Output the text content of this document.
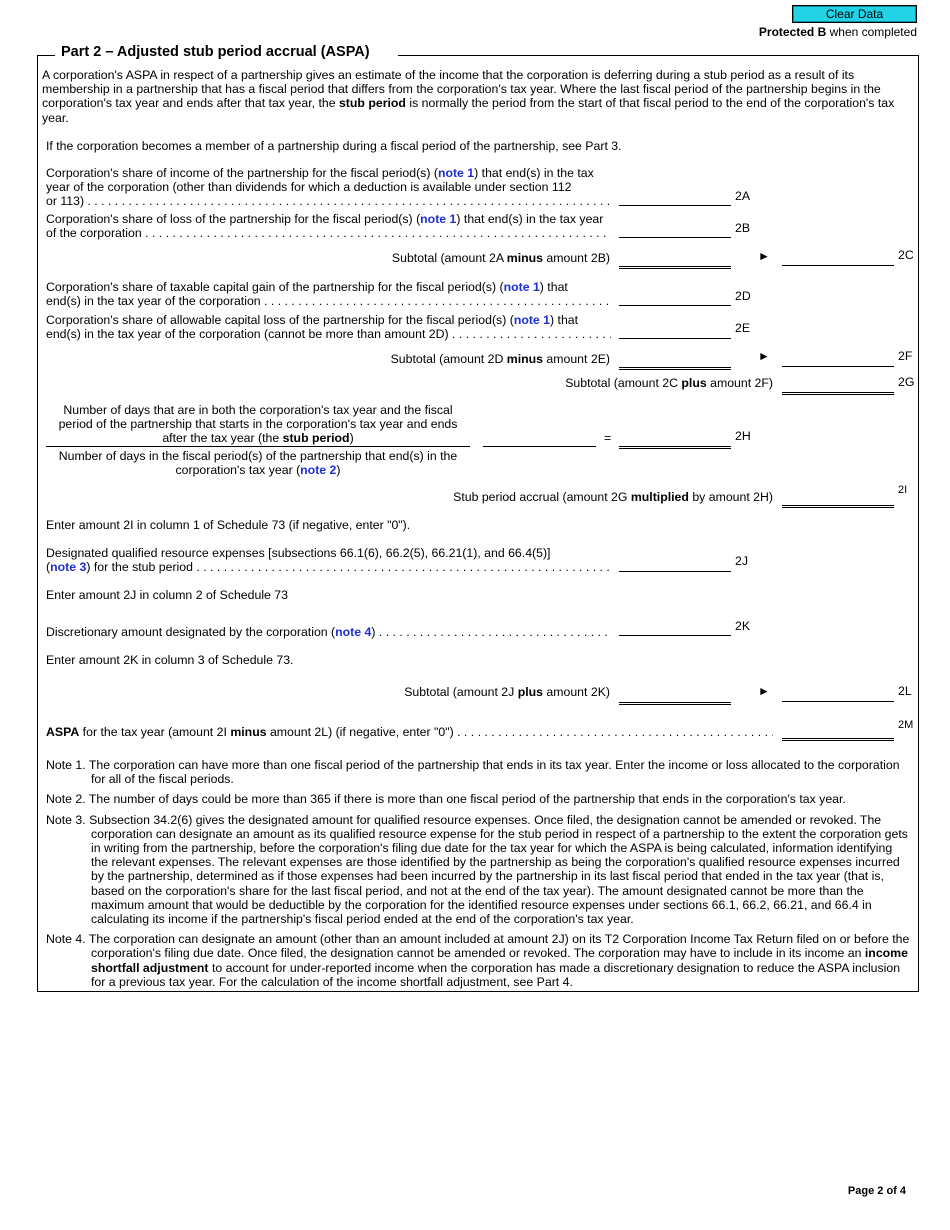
Clear Data
Protected B when completed
Part 2 – Adjusted stub period accrual (ASPA)

A corporation's ASPA in respect of a partnership gives an estimate of the income that the corporation is deferring during a stub period as a result of its membership in a partnership that has a fiscal period that differs from the corporation's tax year. Where the last fiscal period of the partnership begins in the corporation's tax year and ends after that tax year, the stub period is normally the period from the start of that fiscal period to the end of the corporation's tax year.

If the corporation becomes a member of a partnership during a fiscal period of the partnership, see Part 3.

Corporation's share of income of the partnership for the fiscal period(s) (note 1) that end(s) in the tax year of the corporation (other than dividends for which a deduction is available under section 112
or 113) . . .	2A
Corporation's share of loss of the partnership for the fiscal period(s) (note 1) that end(s) in the tax year
of the corporation . . .	2B
Subtotal (amount 2A minus amount 2B)	►	2C
Corporation's share of taxable capital gain of the partnership for the fiscal period(s) (note 1) that
end(s) in the tax year of the corporation . . .	2D
Corporation's share of allowable capital loss of the partnership for the fiscal period(s) (note 1) that
end(s) in the tax year of the corporation (cannot be more than amount 2D) . . .	2E
Subtotal (amount 2D minus amount 2E)	►	2F
Subtotal (amount 2C plus amount 2F)	2G
Number of days that are in both the corporation's tax year and the fiscal period of the partnership that starts in the corporation's tax year and ends after the tax year (the stub period)
Number of days in the fiscal period(s) of the partnership that end(s) in the corporation's tax year (note 2)
=	2H
Stub period accrual (amount 2G multiplied by amount 2H)	2I

Enter amount 2I in column 1 of Schedule 73 (if negative, enter "0").

Designated qualified resource expenses [subsections 66.1(6), 66.2(5), 66.21(1), and 66.4(5)]
(note 3) for the stub period . . .	2J

Enter amount 2J in column 2 of Schedule 73

Discretionary amount designated by the corporation (note 4) . . .	2K

Enter amount 2K in column 3 of Schedule 73.

Subtotal (amount 2J plus amount 2K)	►	2L
ASPA for the tax year (amount 2I minus amount 2L) (if negative, enter "0") . . .	2M

Note 1. The corporation can have more than one fiscal period of the partnership that ends in its tax year. Enter the income or loss allocated to the corporation for all of the fiscal periods.

Note 2. The number of days could be more than 365 if there is more than one fiscal period of the partnership that ends in the corporation's tax year.

Note 3. Subsection 34.2(6) gives the designated amount for qualified resource expenses. Once filed, the designation cannot be amended or revoked. The corporation can designate an amount as its qualified resource expense for the stub period in respect of a partnership to the extent the corporation gets in writing from the partnership, before the corporation's filing due date for the tax year for which the ASPA is being calculated, information identifying the relevant expenses. The relevant expenses are those identified by the partnership as being the corporation's qualified resource expenses incurred by the partnership, determined as if those expenses had been incurred by the partnership in its last fiscal period that ended in the tax year (that is, based on the corporation's share for the last fiscal period, and not at the end of the tax year). The amount designated cannot be more than the maximum amount that would be deductible by the corporation for the identified resource expenses under sections 66.1, 66.2, 66.21, and 66.4 in calculating its income if the partnership's fiscal period ended at the end of the corporation's tax year.

Note 4. The corporation can designate an amount (other than an amount included at amount 2J) on its T2 Corporation Income Tax Return filed on or before the corporation's filing due date. Once filed, the designation cannot be amended or revoked. The corporation may have to include in its income an income shortfall adjustment to account for under-reported income when the corporation has made a discretionary designation to reduce the ASPA inclusion for a previous tax year. For the calculation of the income shortfall adjustment, see Part 4.

Page 2 of 4
